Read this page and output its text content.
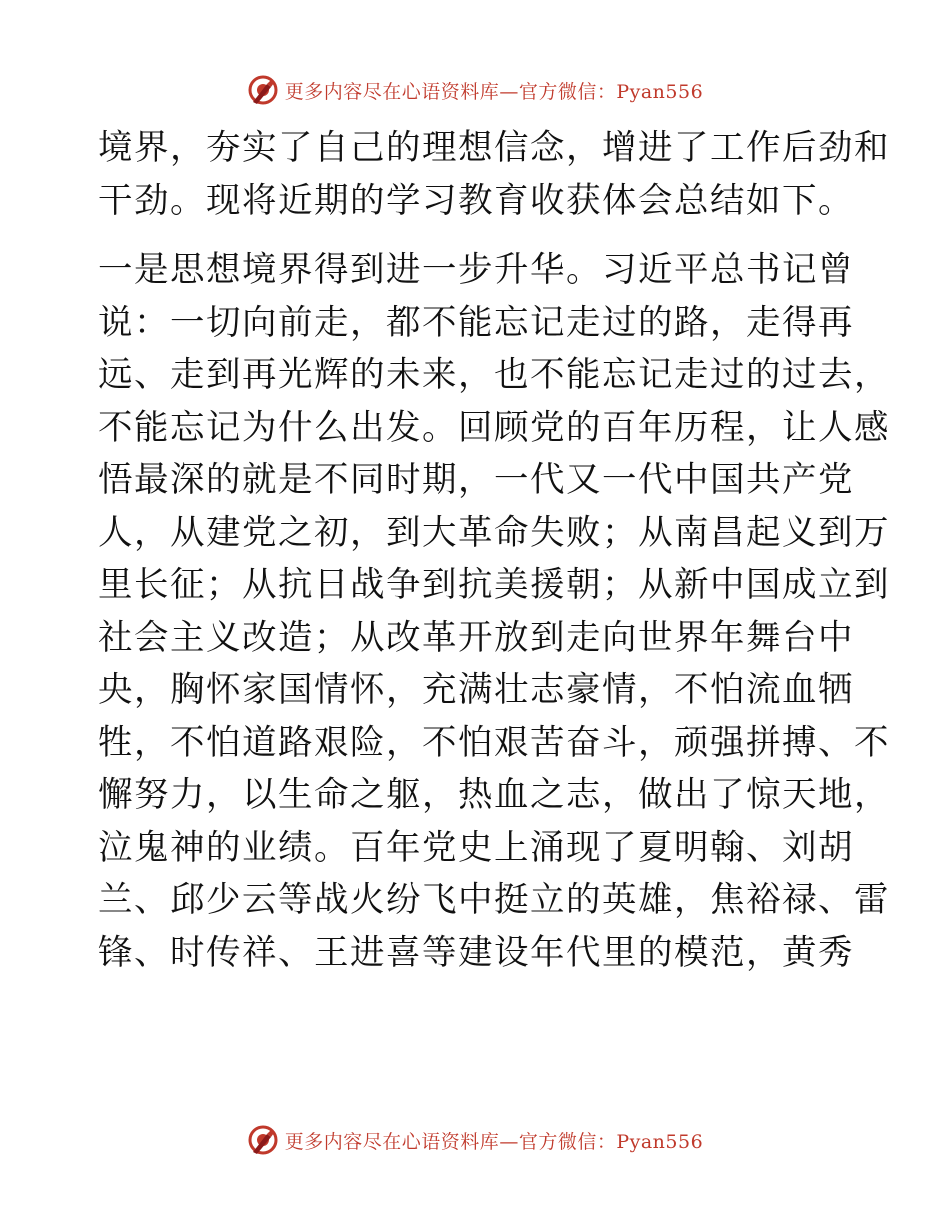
更多内容尽在心语资料库—官方微信：Pyan556
境界，夯实了自己的理想信念，增进了工作后劲和
干劲。现将近期的学习教育收获体会总结如下。
一是思想境界得到进一步升华。习近平总书记曾
说：一切向前走，都不能忘记走过的路，走得再
远、走到再光辉的未来，也不能忘记走过的过去，
不能忘记为什么出发。回顾党的百年历程，让人感
悟最深的就是不同时期，一代又一代中国共产党
人，从建党之初，到大革命失败；从南昌起义到万
里长征；从抗日战争到抗美援朝；从新中国成立到
社会主义改造；从改革开放到走向世界年舞台中
央，胸怀家国情怀，充满壮志豪情，不怕流血牺
牲，不怕道路艰险，不怕艰苦奋斗，顽强拼搏、不
懈努力，以生命之躯，热血之志，做出了惊天地，
泣鬼神的业绩。百年党史上涌现了夏明翰、刘胡
兰、邱少云等战火纷飞中挺立的英雄，焦裕禄、雷
锋、时传祥、王进喜等建设年代里的模范，黄秀
更多内容尽在心语资料库—官方微信：Pyan556
